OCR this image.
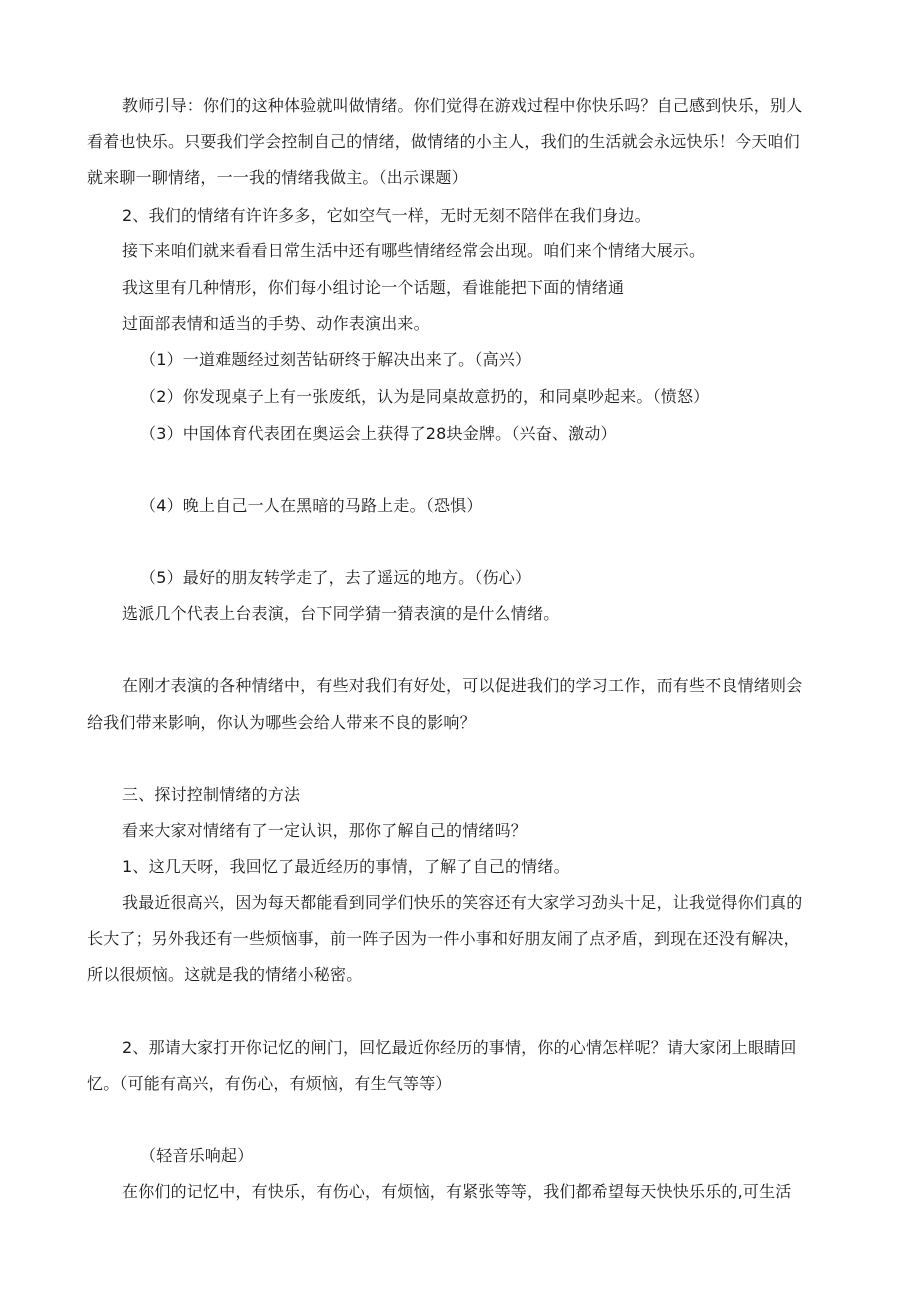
教师引导：你们的这种体验就叫做情绪。你们觉得在游戏过程中你快乐吗？自己感到快乐，别人
看着也快乐。只要我们学会控制自己的情绪，做情绪的小主人，我们的生活就会永远快乐！今天咱们
就来聊一聊情绪，一一我的情绪我做主。（出示课题）
2、我们的情绪有许许多多，它如空气一样，无时无刻不陪伴在我们身边。
接下来咱们就来看看日常生活中还有哪些情绪经常会出现。咱们来个情绪大展示。
我这里有几种情形，你们每小组讨论一个话题，看谁能把下面的情绪通
过面部表情和适当的手势、动作表演出来。
（1）一道难题经过刻苦钻研终于解决出来了。（高兴）
（2）你发现桌子上有一张废纸，认为是同桌故意扔的，和同桌吵起来。（愤怒）
（3）中国体育代表团在奥运会上获得了28块金牌。（兴奋、激动）
（4）晚上自己一人在黑暗的马路上走。（恐惧）
（5）最好的朋友转学走了，去了遥远的地方。（伤心）
选派几个代表上台表演，台下同学猜一猜表演的是什么情绪。
在刚才表演的各种情绪中，有些对我们有好处，可以促进我们的学习工作，而有些不良情绪则会
给我们带来影响，你认为哪些会给人带来不良的影响？
三、探讨控制情绪的方法
看来大家对情绪有了一定认识，那你了解自己的情绪吗？
1、这几天呀，我回忆了最近经历的事情，了解了自己的情绪。
我最近很高兴，因为每天都能看到同学们快乐的笑容还有大家学习劲头十足，让我觉得你们真的
长大了；另外我还有一些烦恼事，前一阵子因为一件小事和好朋友闹了点矛盾，到现在还没有解决，
所以很烦恼。这就是我的情绪小秘密。
2、那请大家打开你记忆的闸门，回忆最近你经历的事情，你的心情怎样呢？请大家闭上眼睛回
忆。（可能有高兴，有伤心，有烦恼，有生气等等）
（轻音乐响起）
在你们的记忆中，有快乐，有伤心，有烦恼，有紧张等等，我们都希望每天快快乐乐的,可生活
